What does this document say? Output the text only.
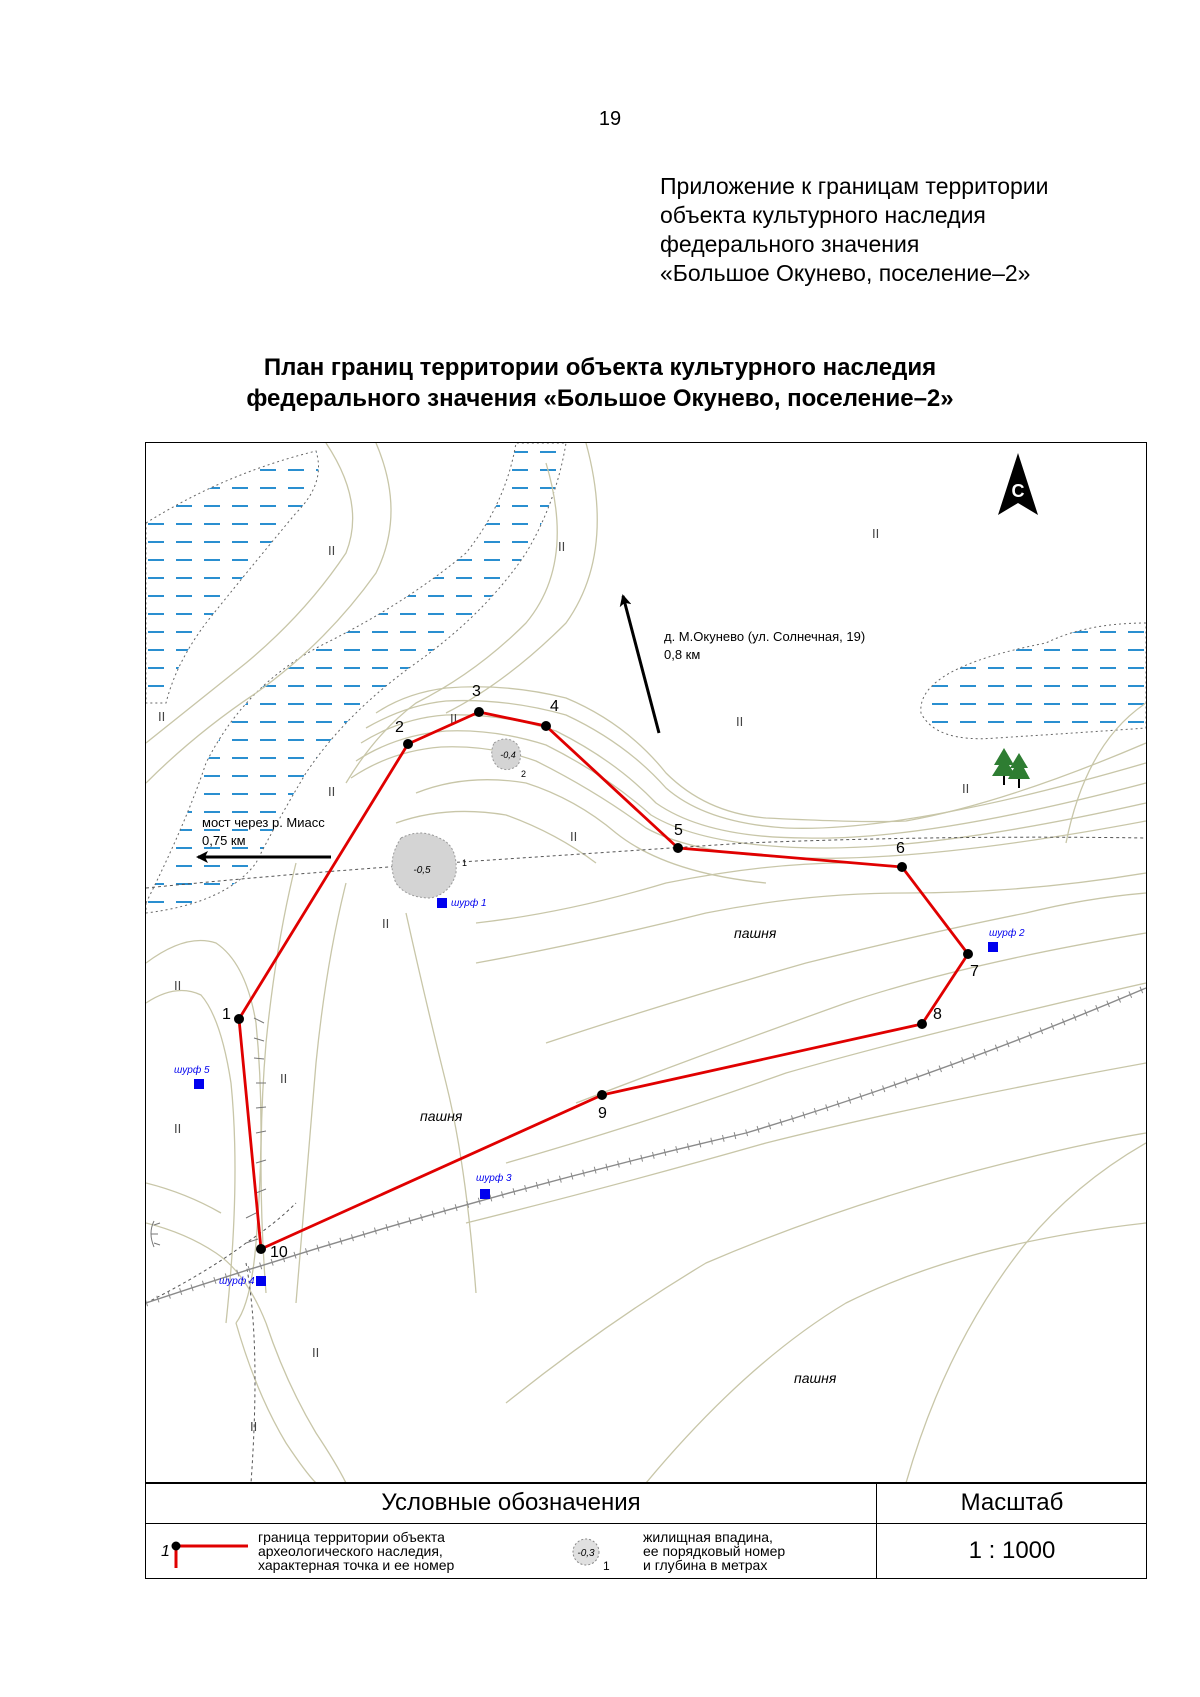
19
Приложение к границам территории
объекта культурного наследия
федерального значения
«Большое Окунево, поселение–2»
План границ территории объекта культурного наследия
федерального значения «Большое Окунево, поселение–2»
-0,5
1
-0,4
2
II	II
II
II	II	II
II
II
II
II
II
II
II
II
II
пашня
пашня
пашня
шурф 1
шурф 2
шурф 3
шурф 4
шурф 5
д. М.Окунево (ул. Солнечная, 19)
0,8 км
мост через р. Миасс
0,75 км
1
2
3
4
5
6
7
8
9
10
С
Условные обозначения	Масштаб
1 : 1000
1
граница территории объекта
археологического наследия,
характерная точка и ее номер
-0,3
1
жилищная впадина,
ее порядковый номер
и глубина в метрах
